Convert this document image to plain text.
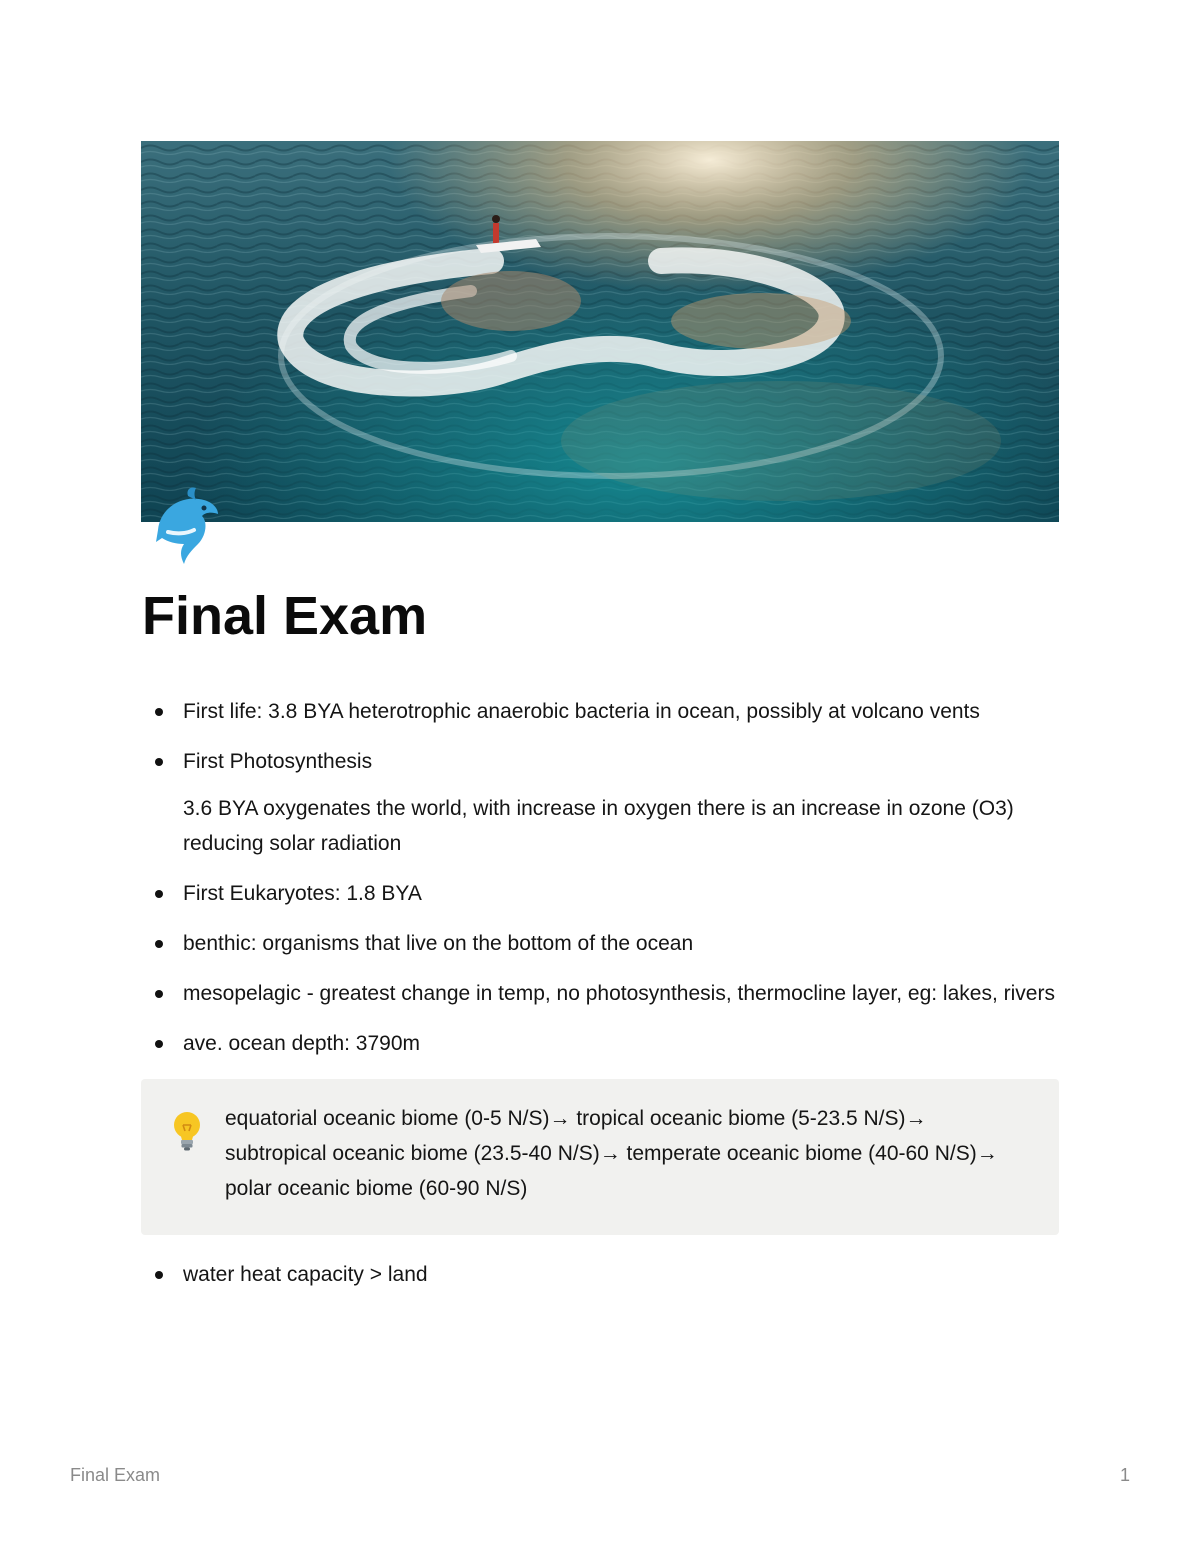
Final Exam
First life: 3.8 BYA heterotrophic anaerobic bacteria in ocean, possibly at volcano vents
First Photosynthesis
3.6 BYA oxygenates the world, with increase in oxygen there is an increase in ozone (O3) reducing solar radiation
First Eukaryotes: 1.8 BYA
benthic: organisms that live on the bottom of the ocean
mesopelagic - greatest change in temp, no photosynthesis, thermocline layer, eg: lakes, rivers
ave. ocean depth: 3790m
equatorial oceanic biome (0-5 N/S)→ tropical oceanic biome (5-23.5 N/S)→ subtropical oceanic biome (23.5-40 N/S)→ temperate oceanic biome (40-60 N/S)→ polar oceanic biome (60-90 N/S)
water heat capacity > land
Final Exam	1
